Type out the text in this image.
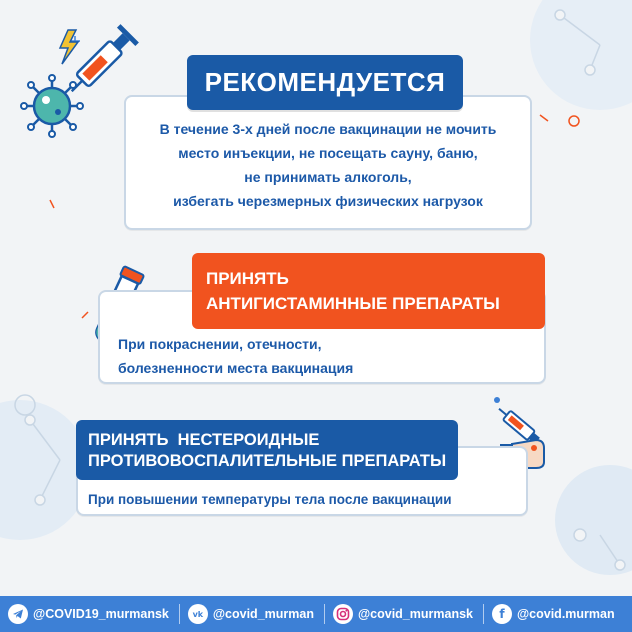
В течение 3-х дней после вакцинации не мочить

место инъекции, не посещать сауну, баню,

не принимать алкоголь,

избегать черезмерных физических нагрузок

РЕКОМЕНДУЕТСЯ

При покраснении, отечности,

болезненности места вакцинация

ПРИНЯТЬ
АНТИГИСТАМИННЫЕ ПРЕПАРАТЫ

При повышении температуры тела после вакцинации

ПРИНЯТЬ  НЕСТЕРОИДНЫЕ
ПРОТИВОВОСПАЛИТЕЛЬНЫЕ ПРЕПАРАТЫ
@COVID19_murmansk	vk @covid_murman	@covid_murmansk f @covid.murman
